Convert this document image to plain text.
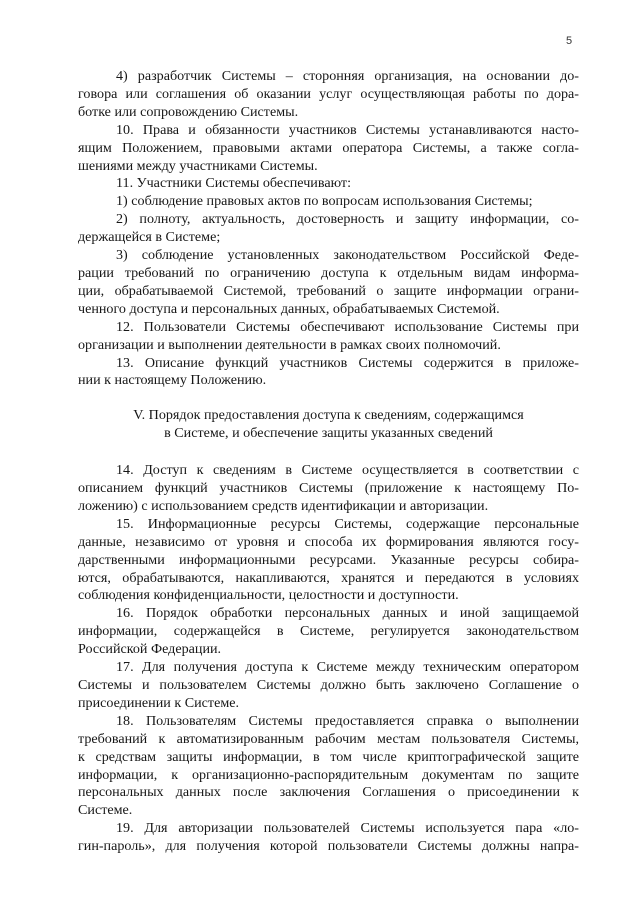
5
4) разработчик Системы – сторонняя организация, на основании до-
говора или соглашения об оказании услуг осуществляющая работы по дора-
ботке или сопровождению Системы.
10. Права и обязанности участников Системы устанавливаются насто-
ящим Положением, правовыми актами оператора Системы, а также согла-
шениями между участниками Системы.
11. Участники Системы обеспечивают:
1) соблюдение правовых актов по вопросам использования Системы;
2) полноту, актуальность, достоверность и защиту информации, со-
держащейся в Системе;
3) соблюдение установленных законодательством Российской Феде-
рации требований по ограничению доступа к отдельным видам информа-
ции, обрабатываемой Системой, требований о защите информации ограни-
ченного доступа и персональных данных, обрабатываемых Системой.
12. Пользователи Системы обеспечивают использование Системы при
организации и выполнении деятельности в рамках своих полномочий.
13. Описание функций участников Системы содержится в приложе-
нии к настоящему Положению.
V. Порядок предоставления доступа к сведениям, содержащимся
в Системе, и обеспечение защиты указанных сведений
14. Доступ к сведениям в Системе осуществляется в соответствии с
описанием функций участников Системы (приложение к настоящему По-
ложению) с использованием средств идентификации и авторизации.
15. Информационные ресурсы Системы, содержащие персональные
данные, независимо от уровня и способа их формирования являются госу-
дарственными информационными ресурсами. Указанные ресурсы собира-
ются, обрабатываются, накапливаются, хранятся и передаются в условиях
соблюдения конфиденциальности, целостности и доступности.
16. Порядок обработки персональных данных и иной защищаемой
информации, содержащейся в Системе, регулируется законодательством
Российской Федерации.
17. Для получения доступа к Системе между техническим оператором
Системы и пользователем Системы должно быть заключено Соглашение о
присоединении к Системе.
18. Пользователям Системы предоставляется справка о выполнении
требований к автоматизированным рабочим местам пользователя Системы,
к средствам защиты информации, в том числе криптографической защите
информации, к организационно-распорядительным документам по защите
персональных данных после заключения Соглашения о присоединении к
Системе.
19. Для авторизации пользователей Системы используется пара «ло-
гин-пароль», для получения которой пользователи Системы должны напра-
